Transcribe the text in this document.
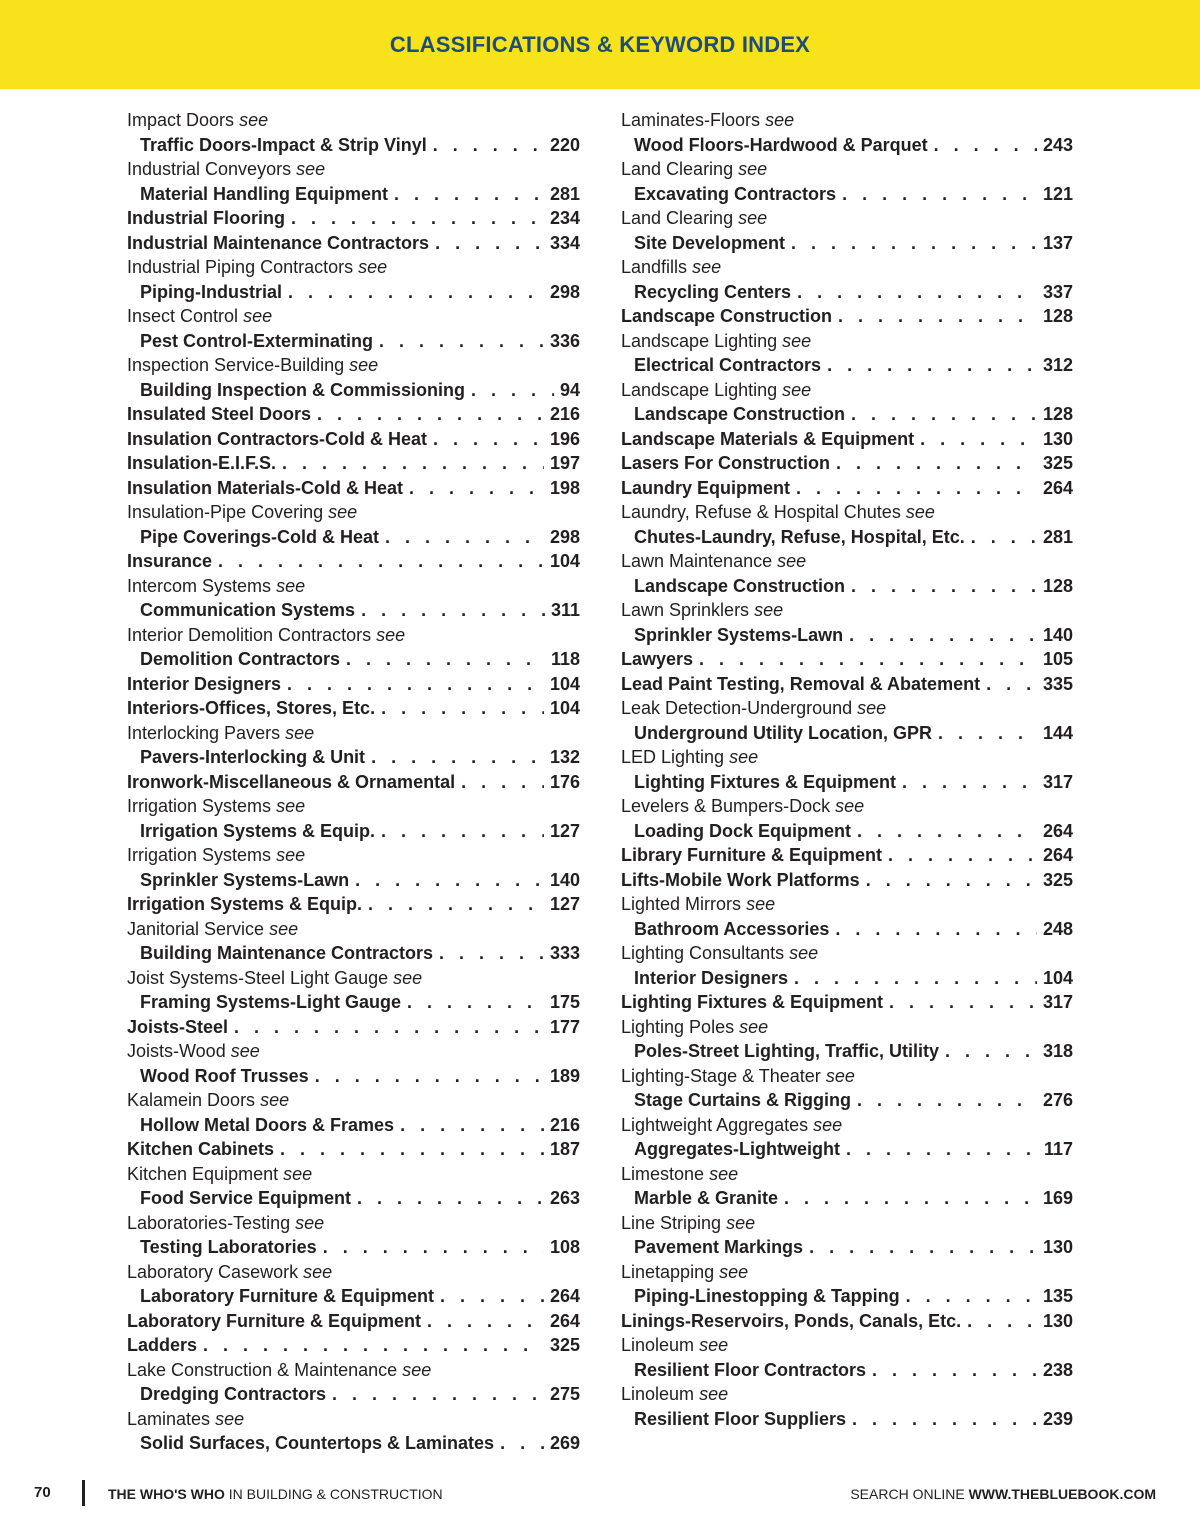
CLASSIFICATIONS & KEYWORD INDEX
Impact Doors see
Traffic Doors-Impact & Strip Vinyl . . .	220
Industrial Conveyors see
Material Handling Equipment . . .	281
Industrial Flooring . . .	234
Industrial Maintenance Contractors . . .	334
Industrial Piping Contractors see
Piping-Industrial . . .	298
Insect Control see
Pest Control-Exterminating . . .	336
Inspection Service-Building see
Building Inspection & Commissioning . . .	94
Insulated Steel Doors . . .	216
Insulation Contractors-Cold & Heat . . .	196
Insulation-E.I.F.S. . . .	197
Insulation Materials-Cold & Heat . . .	198
Insulation-Pipe Covering see
Pipe Coverings-Cold & Heat . . .	298
Insurance . . .	104
Intercom Systems see
Communication Systems . . .	311
Interior Demolition Contractors see
Demolition Contractors . . .	118
Interior Designers . . .	104
Interiors-Offices, Stores, Etc. . . .	104
Interlocking Pavers see
Pavers-Interlocking & Unit . . .	132
Ironwork-Miscellaneous & Ornamental . . .	176
Irrigation Systems see
Irrigation Systems & Equip. . . .	127
Irrigation Systems see
Sprinkler Systems-Lawn . . .	140
Irrigation Systems & Equip. . . .	127
Janitorial Service see
Building Maintenance Contractors . . .	333
Joist Systems-Steel Light Gauge see
Framing Systems-Light Gauge . . .	175
Joists-Steel . . .	177
Joists-Wood see
Wood Roof Trusses . . .	189
Kalamein Doors see
Hollow Metal Doors & Frames . . .	216
Kitchen Cabinets . . .	187
Kitchen Equipment see
Food Service Equipment . . .	263
Laboratories-Testing see
Testing Laboratories . . .	108
Laboratory Casework see
Laboratory Furniture & Equipment . . .	264
Laboratory Furniture & Equipment . . .	264
Ladders . . .	325
Lake Construction & Maintenance see
Dredging Contractors . . .	275
Laminates see
Solid Surfaces, Countertops & Laminates . . .	269
Laminates-Floors see
Wood Floors-Hardwood & Parquet . . .	243
Land Clearing see
Excavating Contractors . . .	121
Land Clearing see
Site Development . . .	137
Landfills see
Recycling Centers . . .	337
Landscape Construction . . .	128
Landscape Lighting see
Electrical Contractors . . .	312
Landscape Lighting see
Landscape Construction . . .	128
Landscape Materials & Equipment . . .	130
Lasers For Construction . . .	325
Laundry Equipment . . .	264
Laundry, Refuse & Hospital Chutes see
Chutes-Laundry, Refuse, Hospital, Etc. . . .	281
Lawn Maintenance see
Landscape Construction . . .	128
Lawn Sprinklers see
Sprinkler Systems-Lawn . . .	140
Lawyers . . .	105
Lead Paint Testing, Removal & Abatement . . .	335
Leak Detection-Underground see
Underground Utility Location, GPR . . .	144
LED Lighting see
Lighting Fixtures & Equipment . . .	317
Levelers & Bumpers-Dock see
Loading Dock Equipment . . .	264
Library Furniture & Equipment . . .	264
Lifts-Mobile Work Platforms . . .	325
Lighted Mirrors see
Bathroom Accessories . . .	248
Lighting Consultants see
Interior Designers . . .	104
Lighting Fixtures & Equipment . . .	317
Lighting Poles see
Poles-Street Lighting, Traffic, Utility . . .	318
Lighting-Stage & Theater see
Stage Curtains & Rigging . . .	276
Lightweight Aggregates see
Aggregates-Lightweight . . .	117
Limestone see
Marble & Granite . . .	169
Line Striping see
Pavement Markings . . .	130
Linetapping see
Piping-Linestopping & Tapping . . .	135
Linings-Reservoirs, Ponds, Canals, Etc. . . .	130
Linoleum see
Resilient Floor Contractors . . .	238
Linoleum see
Resilient Floor Suppliers . . .	239
70	THE WHO'S WHO IN BUILDING & CONSTRUCTION	SEARCH ONLINE WWW.THEBLUEBOOK.COM
